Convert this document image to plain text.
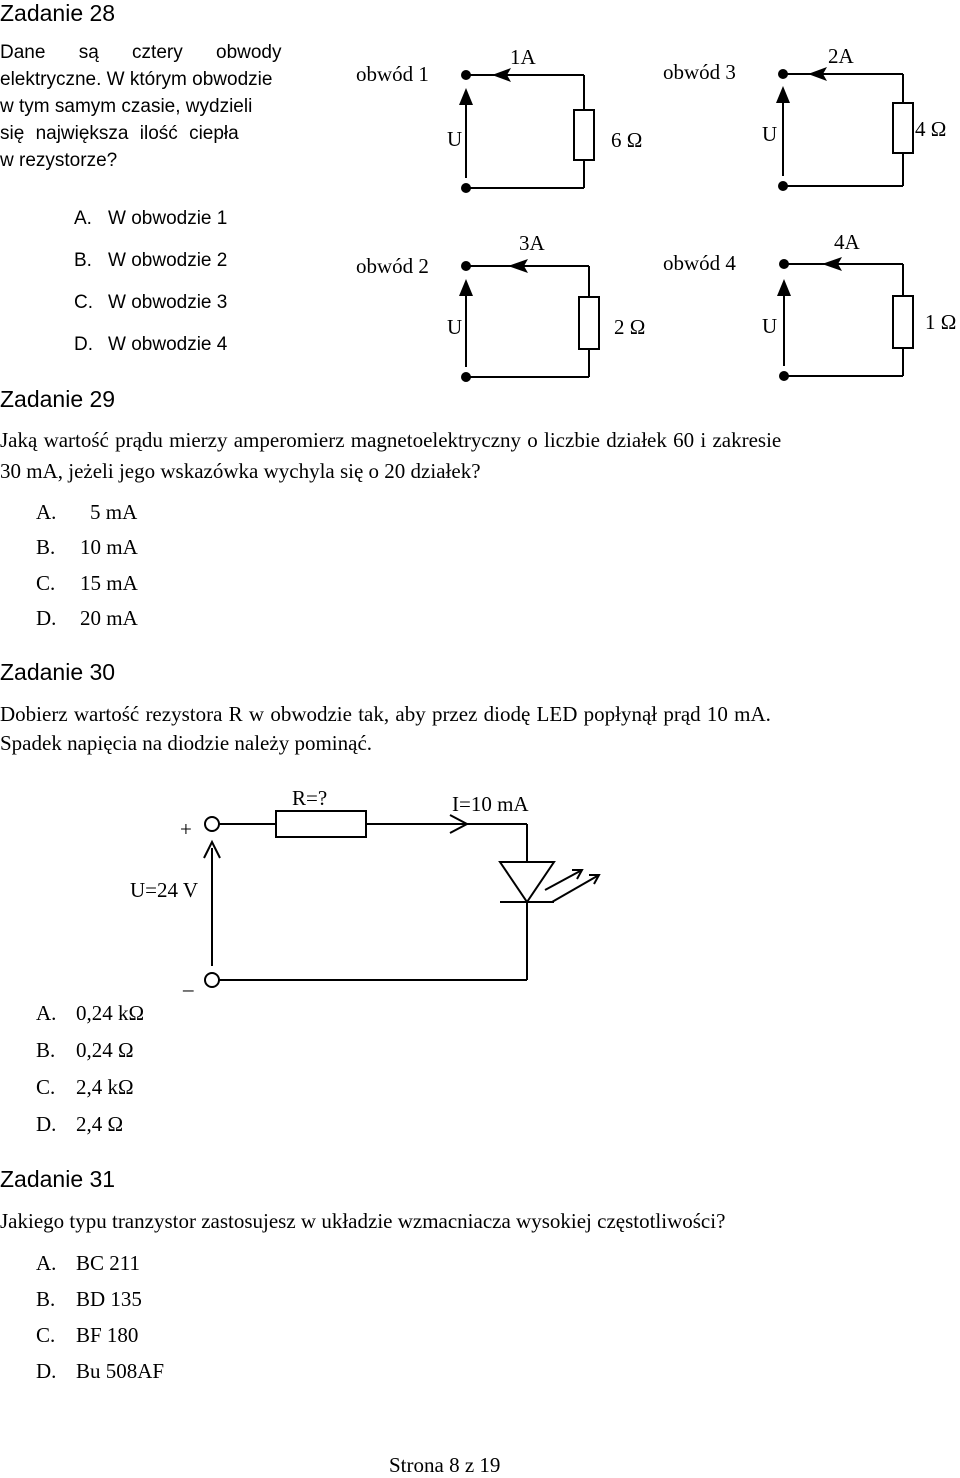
Zadanie 28
Dane są cztery obwody
elektryczne. W którym obwodzie
w tym samym czasie, wydzieli
się największa ilość ciepła
w rezystorze?
A. W obwodzie 1
B. W obwodzie 2
C. W obwodzie 3
D. W obwodzie 4
obwód 1
1A
U	6 Ω
obwód 3
2A
U	4 Ω
obwód 2
3A
U	2 Ω
obwód 4
4A
U	1 Ω
Zadanie 29
Jaką wartość prądu mierzy amperomierz magnetoelektryczny o liczbie działek 60 i zakresie
30 mA, jeżeli jego wskazówka wychyla się o 20 działek?
A. 5 mA
B. 10 mA
C. 15 mA
D. 20 mA
Zadanie 30
Dobierz wartość rezystora R w obwodzie tak, aby przez diodę LED popłynął prąd 10 mA.
Spadek napięcia na diodzie należy pominąć.
+
_
R=?	I=10 mA
U=24 V
A. 0,24 kΩ
B. 0,24 Ω
C. 2,4 kΩ
D. 2,4 Ω
Zadanie 31
Jakiego typu tranzystor zastosujesz w układzie wzmacniacza wysokiej częstotliwości?
A. BC 211
B. BD 135
C. BF 180
D. Bu 508AF
Strona 8 z 19
